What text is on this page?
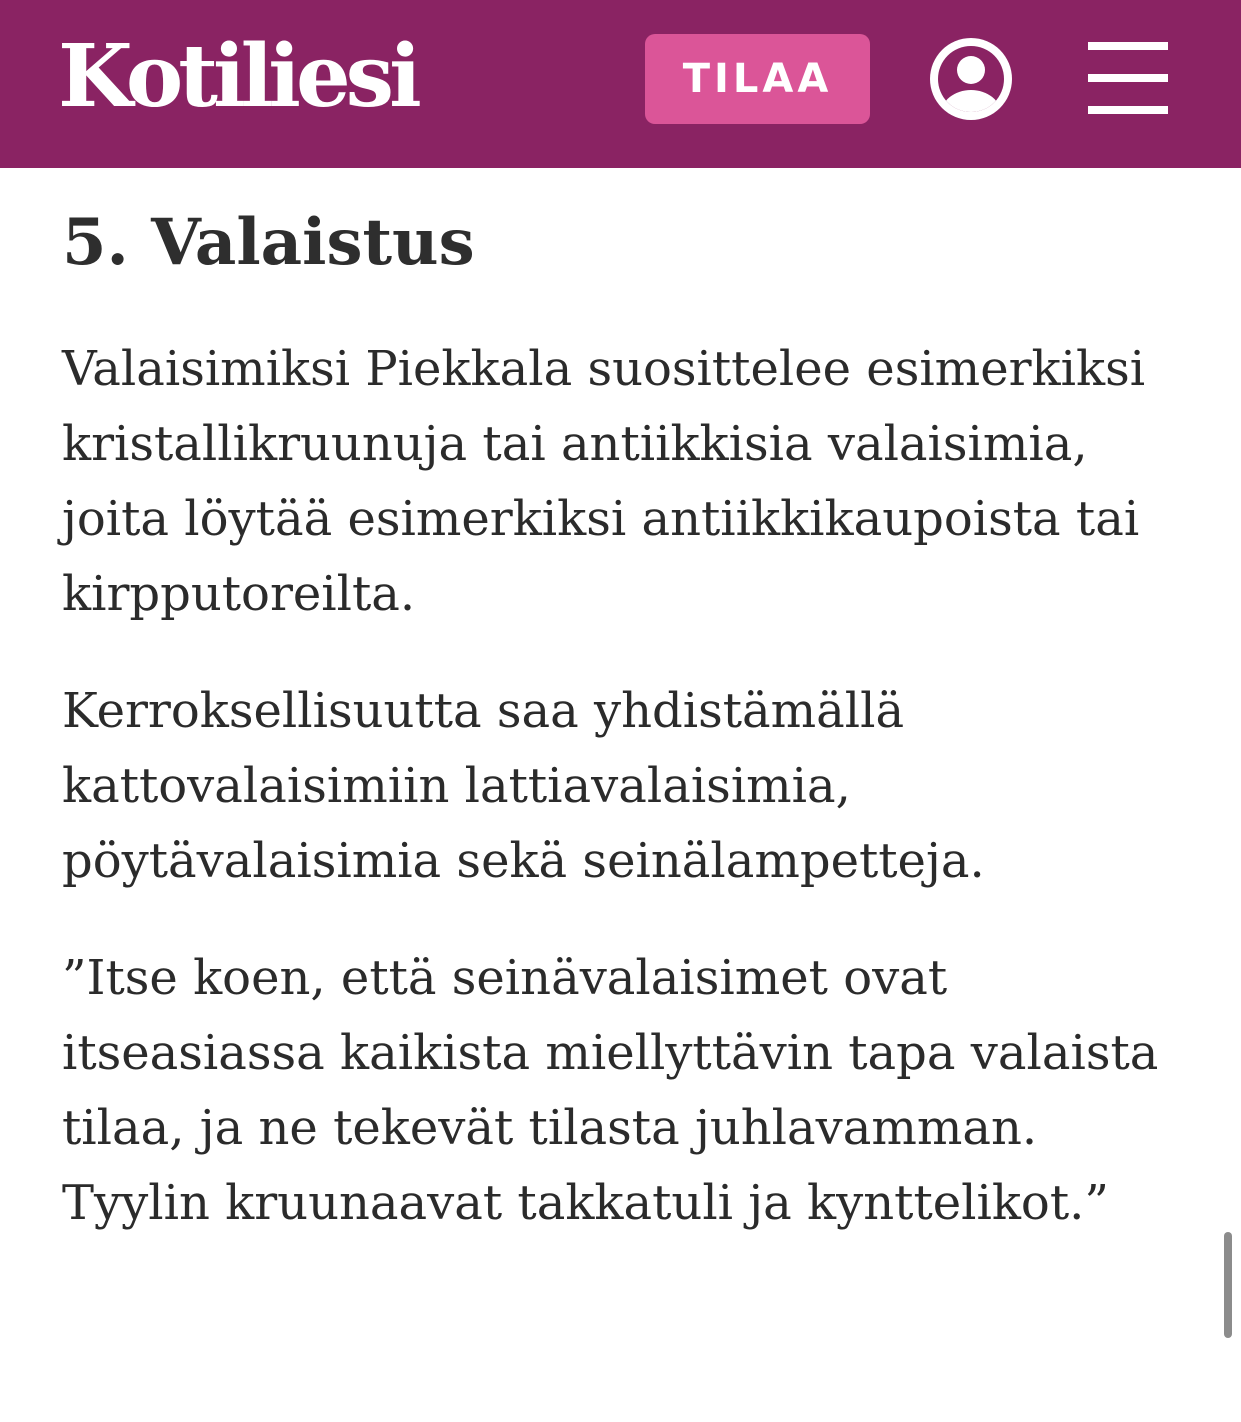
Kotiliesi	TILAA
5. Valaistus

Valaisimiksi Piekkala suosittelee esimerkiksi kristallikruunuja tai antiikkisia valaisimia, joita löytää esimerkiksi antiikkikaupoista tai kirpputoreilta.

Kerroksellisuutta saa yhdistämällä kattovalaisimiin lattiavalaisimia, pöytävalaisimia sekä seinälampetteja.

”Itse koen, että seinävalaisimet ovat itseasiassa kaikista miellyttävin tapa valaista tilaa, ja ne tekevät tilasta juhlavamman. Tyylin kruunaavat takkatuli ja kynttelikot.”
